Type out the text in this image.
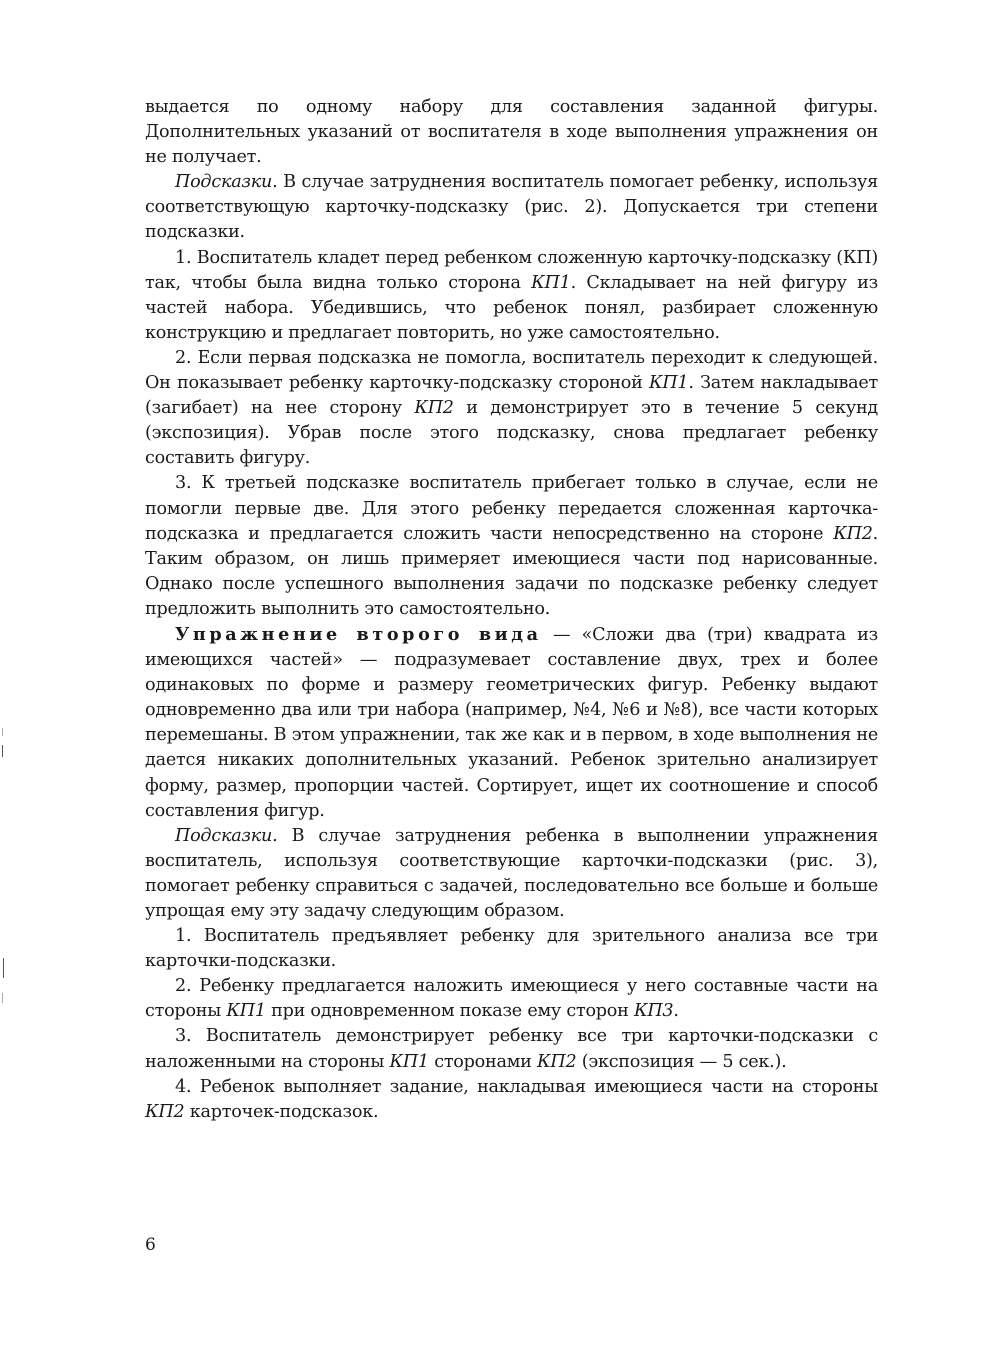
выдается по одному набору для составления заданной фигуры. Дополнительных указаний от воспитателя в ходе выполнения упражнения он не получает.

Подсказки. В случае затруднения воспитатель помогает ребенку, используя соответствующую карточку-подсказку (рис. 2). Допускается три степени подсказки.

1. Воспитатель кладет перед ребенком сложенную карточку-подсказку (КП) так, чтобы была видна только сторона КП1. Складывает на ней фигуру из частей набора. Убедившись, что ребенок понял, разбирает сложенную конструкцию и предлагает повторить, но уже самостоятельно.

2. Если первая подсказка не помогла, воспитатель переходит к следующей. Он показывает ребенку карточку-подсказку стороной КП1. Затем накладывает (загибает) на нее сторону КП2 и демонстрирует это в течение 5 секунд (экспозиция). Убрав после этого подсказку, снова предлагает ребенку составить фигуру.

3. К третьей подсказке воспитатель прибегает только в случае, если не помогли первые две. Для этого ребенку передается сложенная карточка-подсказка и предлагается сложить части непосредственно на стороне КП2. Таким образом, он лишь примеряет имеющиеся части под нарисованные. Однако после успешного выполнения задачи по подсказке ребенку следует предложить выполнить это самостоятельно.

Упражнение второго вида — «Сложи два (три) квадрата из имеющихся частей» — подразумевает составление двух, трех и более одинаковых по форме и размеру геометрических фигур. Ребенку выдают одновременно два или три набора (например, №4, №6 и №8), все части которых перемешаны. В этом упражнении, так же как и в первом, в ходе выполнения не дается никаких дополнительных указаний. Ребенок зрительно анализирует форму, размер, пропорции частей. Сортирует, ищет их соотношение и способ составления фигур.

Подсказки. В случае затруднения ребенка в выполнении упражнения воспитатель, используя соответствующие карточки-подсказки (рис. 3), помогает ребенку справиться с задачей, последовательно все больше и больше упрощая ему эту задачу следующим образом.

1. Воспитатель предъявляет ребенку для зрительного анализа все три карточки-подсказки.

2. Ребенку предлагается наложить имеющиеся у него составные части на стороны КП1 при одновременном показе ему сторон КП3.

3. Воспитатель демонстрирует ребенку все три карточки-подсказки с наложенными на стороны КП1 сторонами КП2 (экспозиция — 5 сек.).

4. Ребенок выполняет задание, накладывая имеющиеся части на стороны КП2 карточек-подсказок.

6
